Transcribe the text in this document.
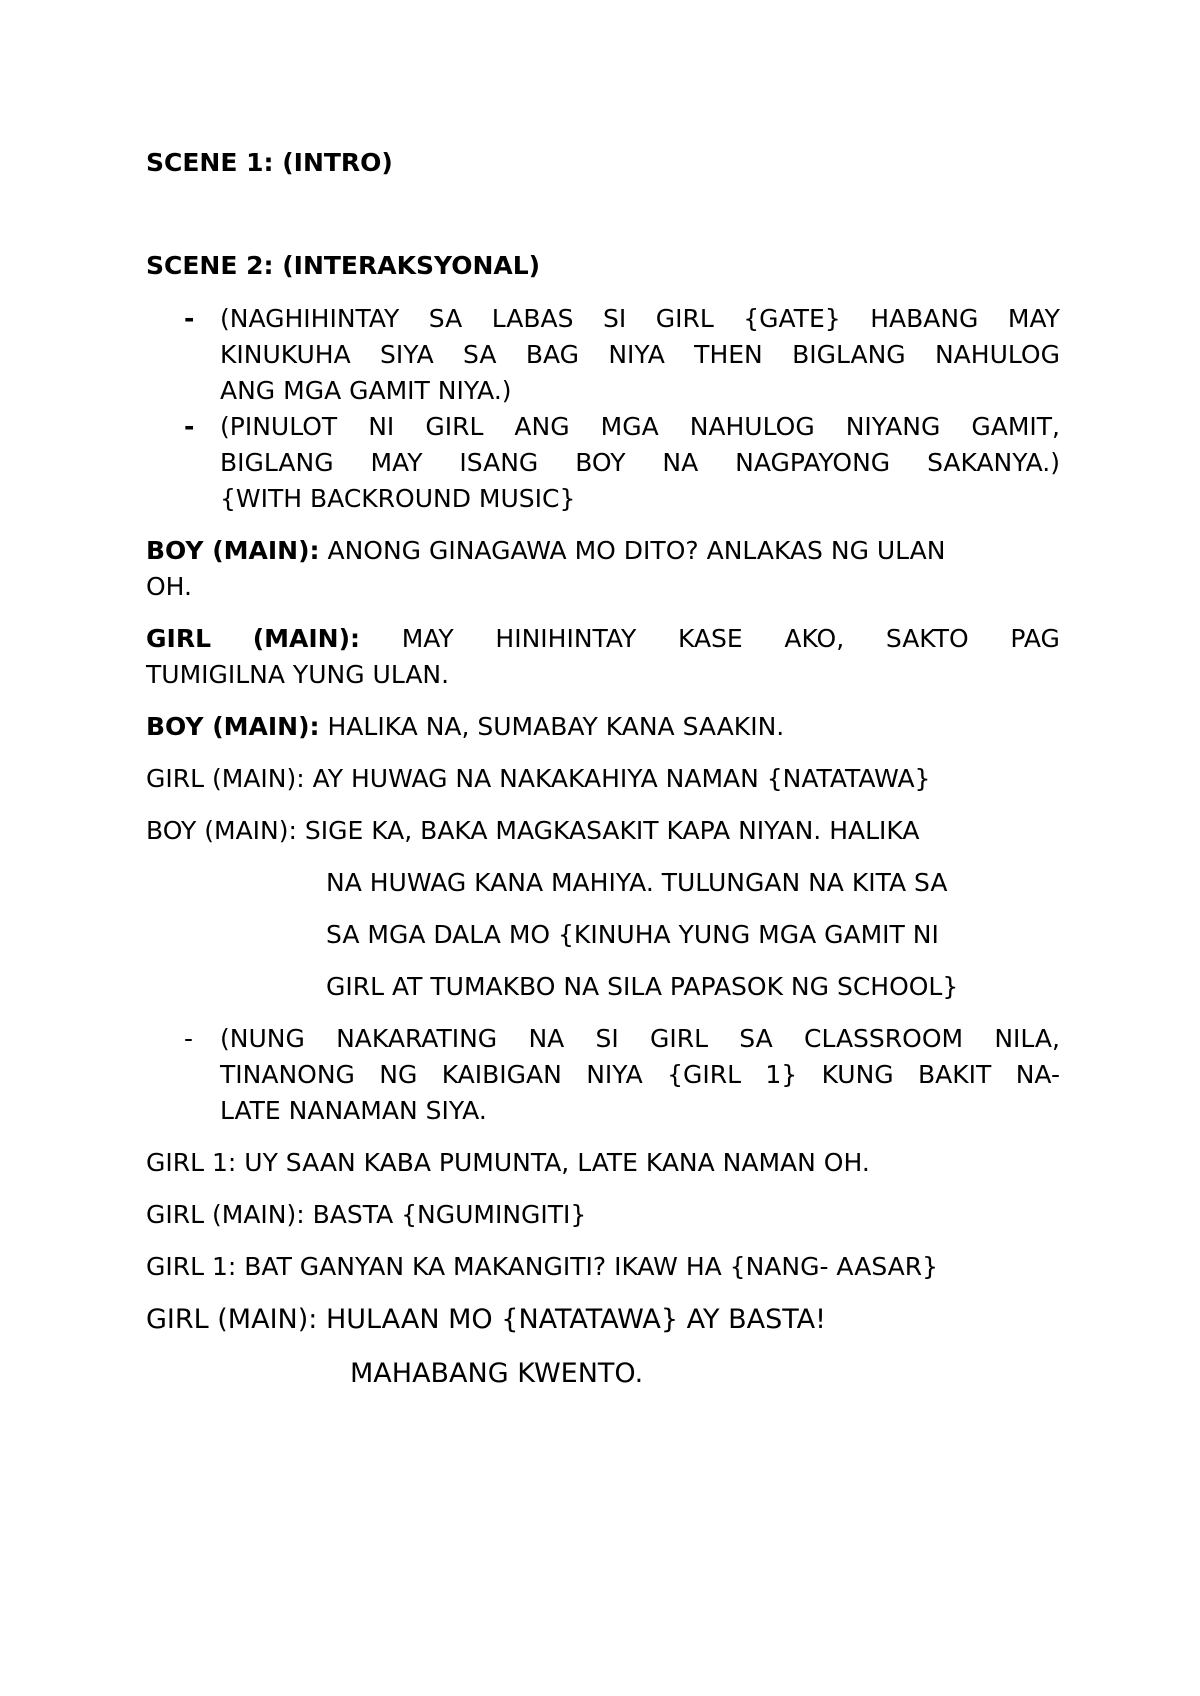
SCENE 1: (INTRO)
SCENE 2: (INTERAKSYONAL)
- (NAGHIHINTAY SA LABAS SI GIRL {GATE} HABANG MAY
KINUKUHA SIYA SA BAG NIYA THEN BIGLANG NAHULOG
ANG MGA GAMIT NIYA.)
- (PINULOT NI GIRL ANG MGA NAHULOG NIYANG GAMIT,
BIGLANG MAY ISANG BOY NA NAGPAYONG SAKANYA.)
{WITH BACKROUND MUSIC}
BOY (MAIN): ANONG GINAGAWA MO DITO? ANLAKAS NG ULAN
OH.
GIRL (MAIN): MAY HINIHINTAY KASE AKO, SAKTO PAG
TUMIGILNA YUNG ULAN.
BOY (MAIN): HALIKA NA, SUMABAY KANA SAAKIN.
GIRL (MAIN): AY HUWAG NA NAKAKAHIYA NAMAN {NATATAWA}
BOY (MAIN): SIGE KA, BAKA MAGKASAKIT KAPA NIYAN. HALIKA
NA HUWAG KANA MAHIYA. TULUNGAN NA KITA SA
SA MGA DALA MO {KINUHA YUNG MGA GAMIT NI
GIRL AT TUMAKBO NA SILA PAPASOK NG SCHOOL}
- (NUNG NAKARATING NA SI GIRL SA CLASSROOM NILA,
TINANONG NG KAIBIGAN NIYA {GIRL 1} KUNG BAKIT NA-
LATE NANAMAN SIYA.
GIRL 1: UY SAAN KABA PUMUNTA, LATE KANA NAMAN OH.
GIRL (MAIN): BASTA {NGUMINGITI}
GIRL 1: BAT GANYAN KA MAKANGITI? IKAW HA {NANG- AASAR}
GIRL (MAIN): HULAAN MO {NATATAWA} AY BASTA!
MAHABANG KWENTO.
